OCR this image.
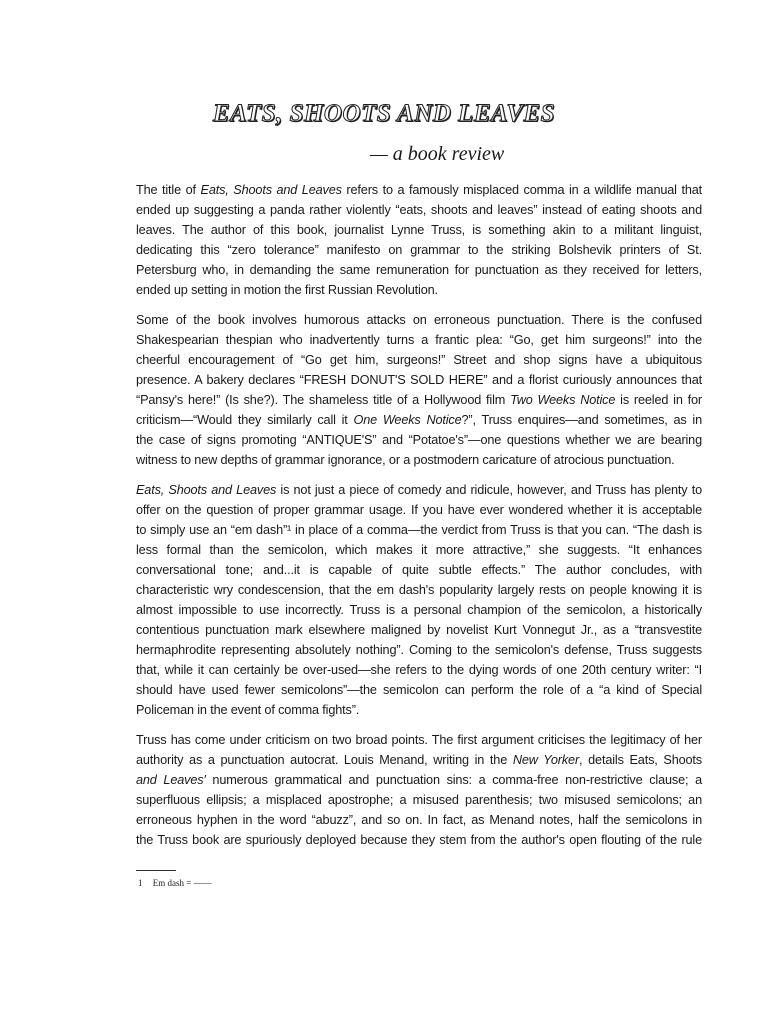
EATS, SHOOTS AND LEAVES
— a book review

The title of Eats, Shoots and Leaves refers to a famously misplaced comma in a wildlife manual that
ended up suggesting a panda rather violently “eats, shoots and leaves” instead of eating shoots and
leaves. The author of this book, journalist Lynne Truss, is something akin to a militant linguist,
dedicating this “zero tolerance” manifesto on grammar to the striking Bolshevik printers of St.
Petersburg who, in demanding the same remuneration for punctuation as they received for letters,
ended up setting in motion the first Russian Revolution.

Some of the book involves humorous attacks on erroneous punctuation. There is the confused
Shakespearian thespian who inadvertently turns a frantic plea: “Go, get him surgeons!” into the
cheerful encouragement of “Go get him, surgeons!” Street and shop signs have a ubiquitous
presence. A bakery declares “FRESH DONUT'S SOLD HERE” and a florist curiously announces that
“Pansy's here!” (Is she?). The shameless title of a Hollywood film Two Weeks Notice is reeled in for
criticism—“Would they similarly call it One Weeks Notice?”, Truss enquires—and sometimes, as in
the case of signs promoting “ANTIQUE'S” and “Potatoe's”—one questions whether we are bearing
witness to new depths of grammar ignorance, or a postmodern caricature of atrocious punctuation.

Eats, Shoots and Leaves is not just a piece of comedy and ridicule, however, and Truss has plenty to
offer on the question of proper grammar usage. If you have ever wondered whether it is acceptable
to simply use an “em dash”¹ in place of a comma—the verdict from Truss is that you can. “The dash is
less formal than the semicolon, which makes it more attractive,” she suggests. “It enhances
conversational tone; and...it is capable of quite subtle effects.” The author concludes, with
characteristic wry condescension, that the em dash's popularity largely rests on people knowing it is
almost impossible to use incorrectly. Truss is a personal champion of the semicolon, a historically
contentious punctuation mark elsewhere maligned by novelist Kurt Vonnegut Jr., as a “transvestite
hermaphrodite representing absolutely nothing”. Coming to the semicolon's defense, Truss suggests
that, while it can certainly be over-used—she refers to the dying words of one 20th century writer: “I
should have used fewer semicolons”—the semicolon can perform the role of a “a kind of Special
Policeman in the event of comma fights”.

Truss has come under criticism on two broad points. The first argument criticises the legitimacy of her
authority as a punctuation autocrat. Louis Menand, writing in the New Yorker, details Eats, Shoots
and Leaves' numerous grammatical and punctuation sins: a comma-free non-restrictive clause; a
superfluous ellipsis; a misplaced apostrophe; a misused parenthesis; two misused semicolons; an
erroneous hyphen in the word “abuzz”, and so on. In fact, as Menand notes, half the semicolons in
the Truss book are spuriously deployed because they stem from the author's open flouting of the rule

1 Em dash = ——
